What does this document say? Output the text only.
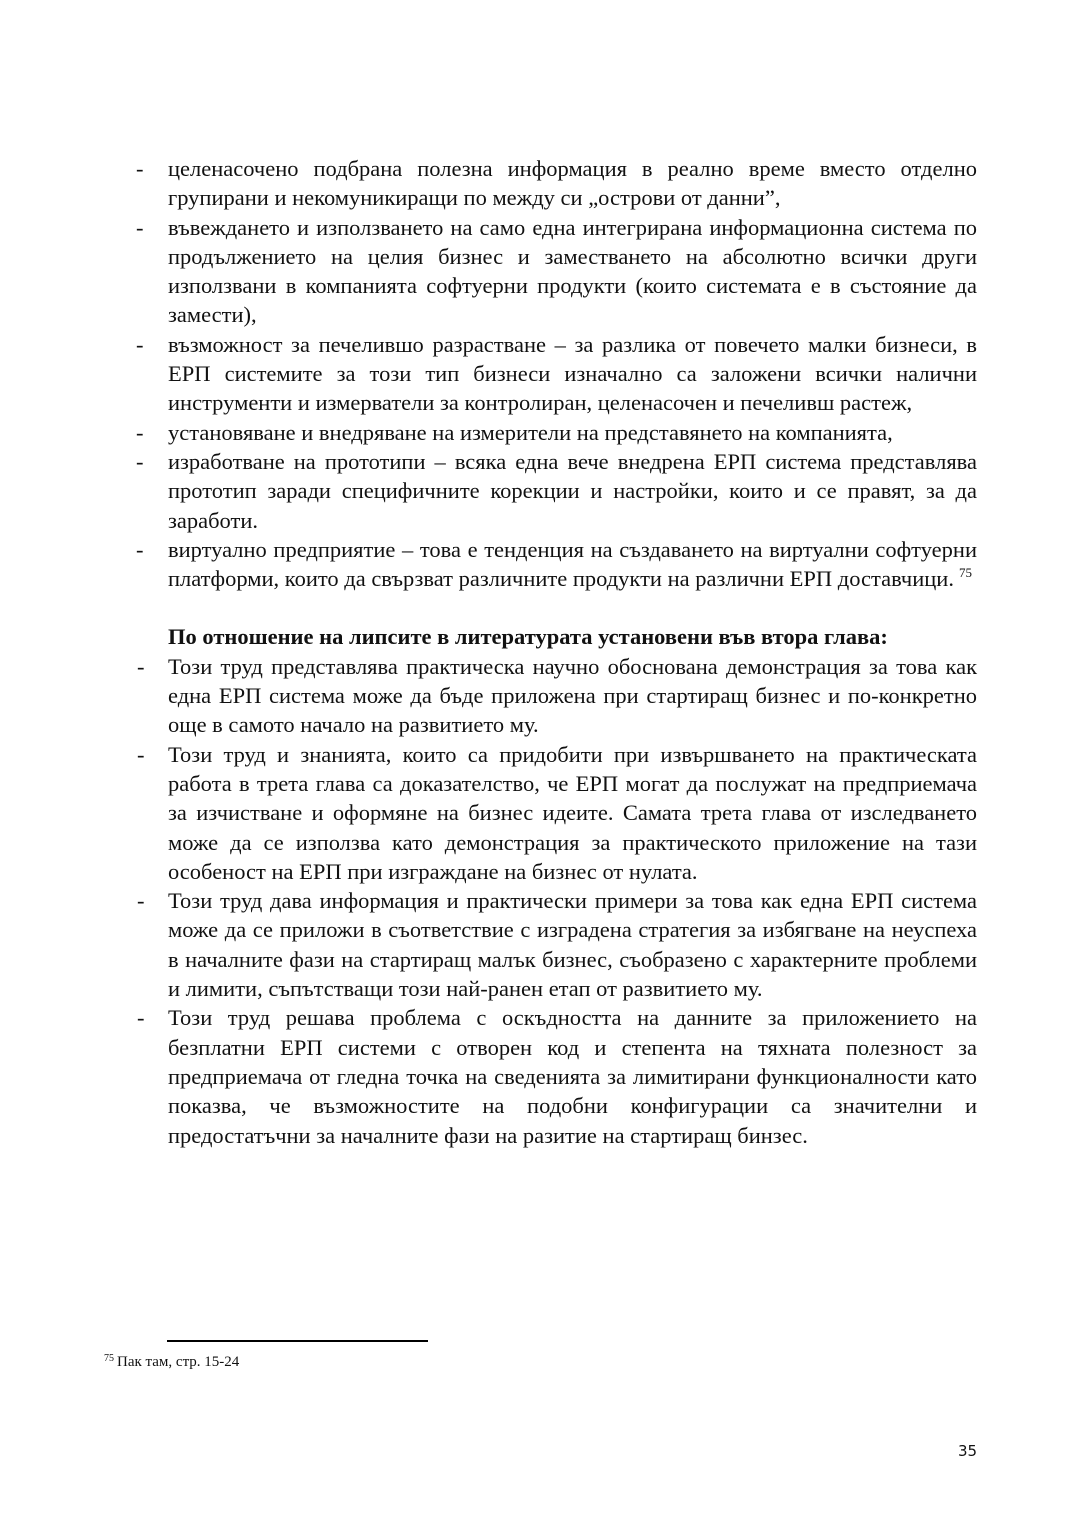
- целенасочено подбрана полезна информация в реално време вместо отделно групирани и некомуникиращи по между си „острови от данни”,
- въвеждането и използването на само една интегрирана информационна система по продължението на целия бизнес и заместването на абсолютно всички други използвани в компанията софтуерни продукти (които системата е в състояние да замести),
- възможност за печелившо разрастване – за разлика от повечето малки бизнеси, в ЕРП системите за този тип бизнеси изначално са заложени всички налични инструменти и измерватели за контролиран, целенасочен и печеливш растеж,
- установяване и внедряване на измерители на представянето на компанията,
- изработване на прототипи – всяка една вече внедрена ЕРП система представлява прототип заради специфичните корекции и настройки, които и се правят, за да заработи.
- виртуално предприятие – това е тенденция на създаването на виртуални софтуерни платформи, които да свързват различните продукти на различни ЕРП доставчици. $^{75}$
По отношение на липсите в литературата установени във втора глава:
- Този труд представлява практическа научно обоснована демонстрация за това как една ЕРП система може да бъде приложена при стартиращ бизнес и по-конкретно още в самото начало на развитието му.
- Този труд и знанията, които са придобити при извършването на практическата работа в трета глава са доказателство, че ЕРП могат да послужат на предприемача за изчистване и оформяне на бизнес идеите. Самата трета глава от изследването може да се използва като демонстрация за практическото приложение на тази особеност на ЕРП при изграждане на бизнес от нулата.
- Този труд дава информация и практически примери за това как една ЕРП система може да се приложи в съответствие с изградена стратегия за избягване на неуспеха в началните фази на стартиращ малък бизнес, съобразено с характерните проблеми и лимити, съпътстващи този най-ранен етап от развитието му.
- Този труд решава проблема с оскъдността на данните за приложението на безплатни ЕРП системи с отворен код и степента на тяхната полезност за предприемача от гледна точка на сведенията за лимитирани функционалности като показва, че възможностите на подобни конфигурации са значителни и предостатъчни за началните фази на разитие на стартиращ бинзес.
$^{75}$ Пак там, стр. 15-24
35
